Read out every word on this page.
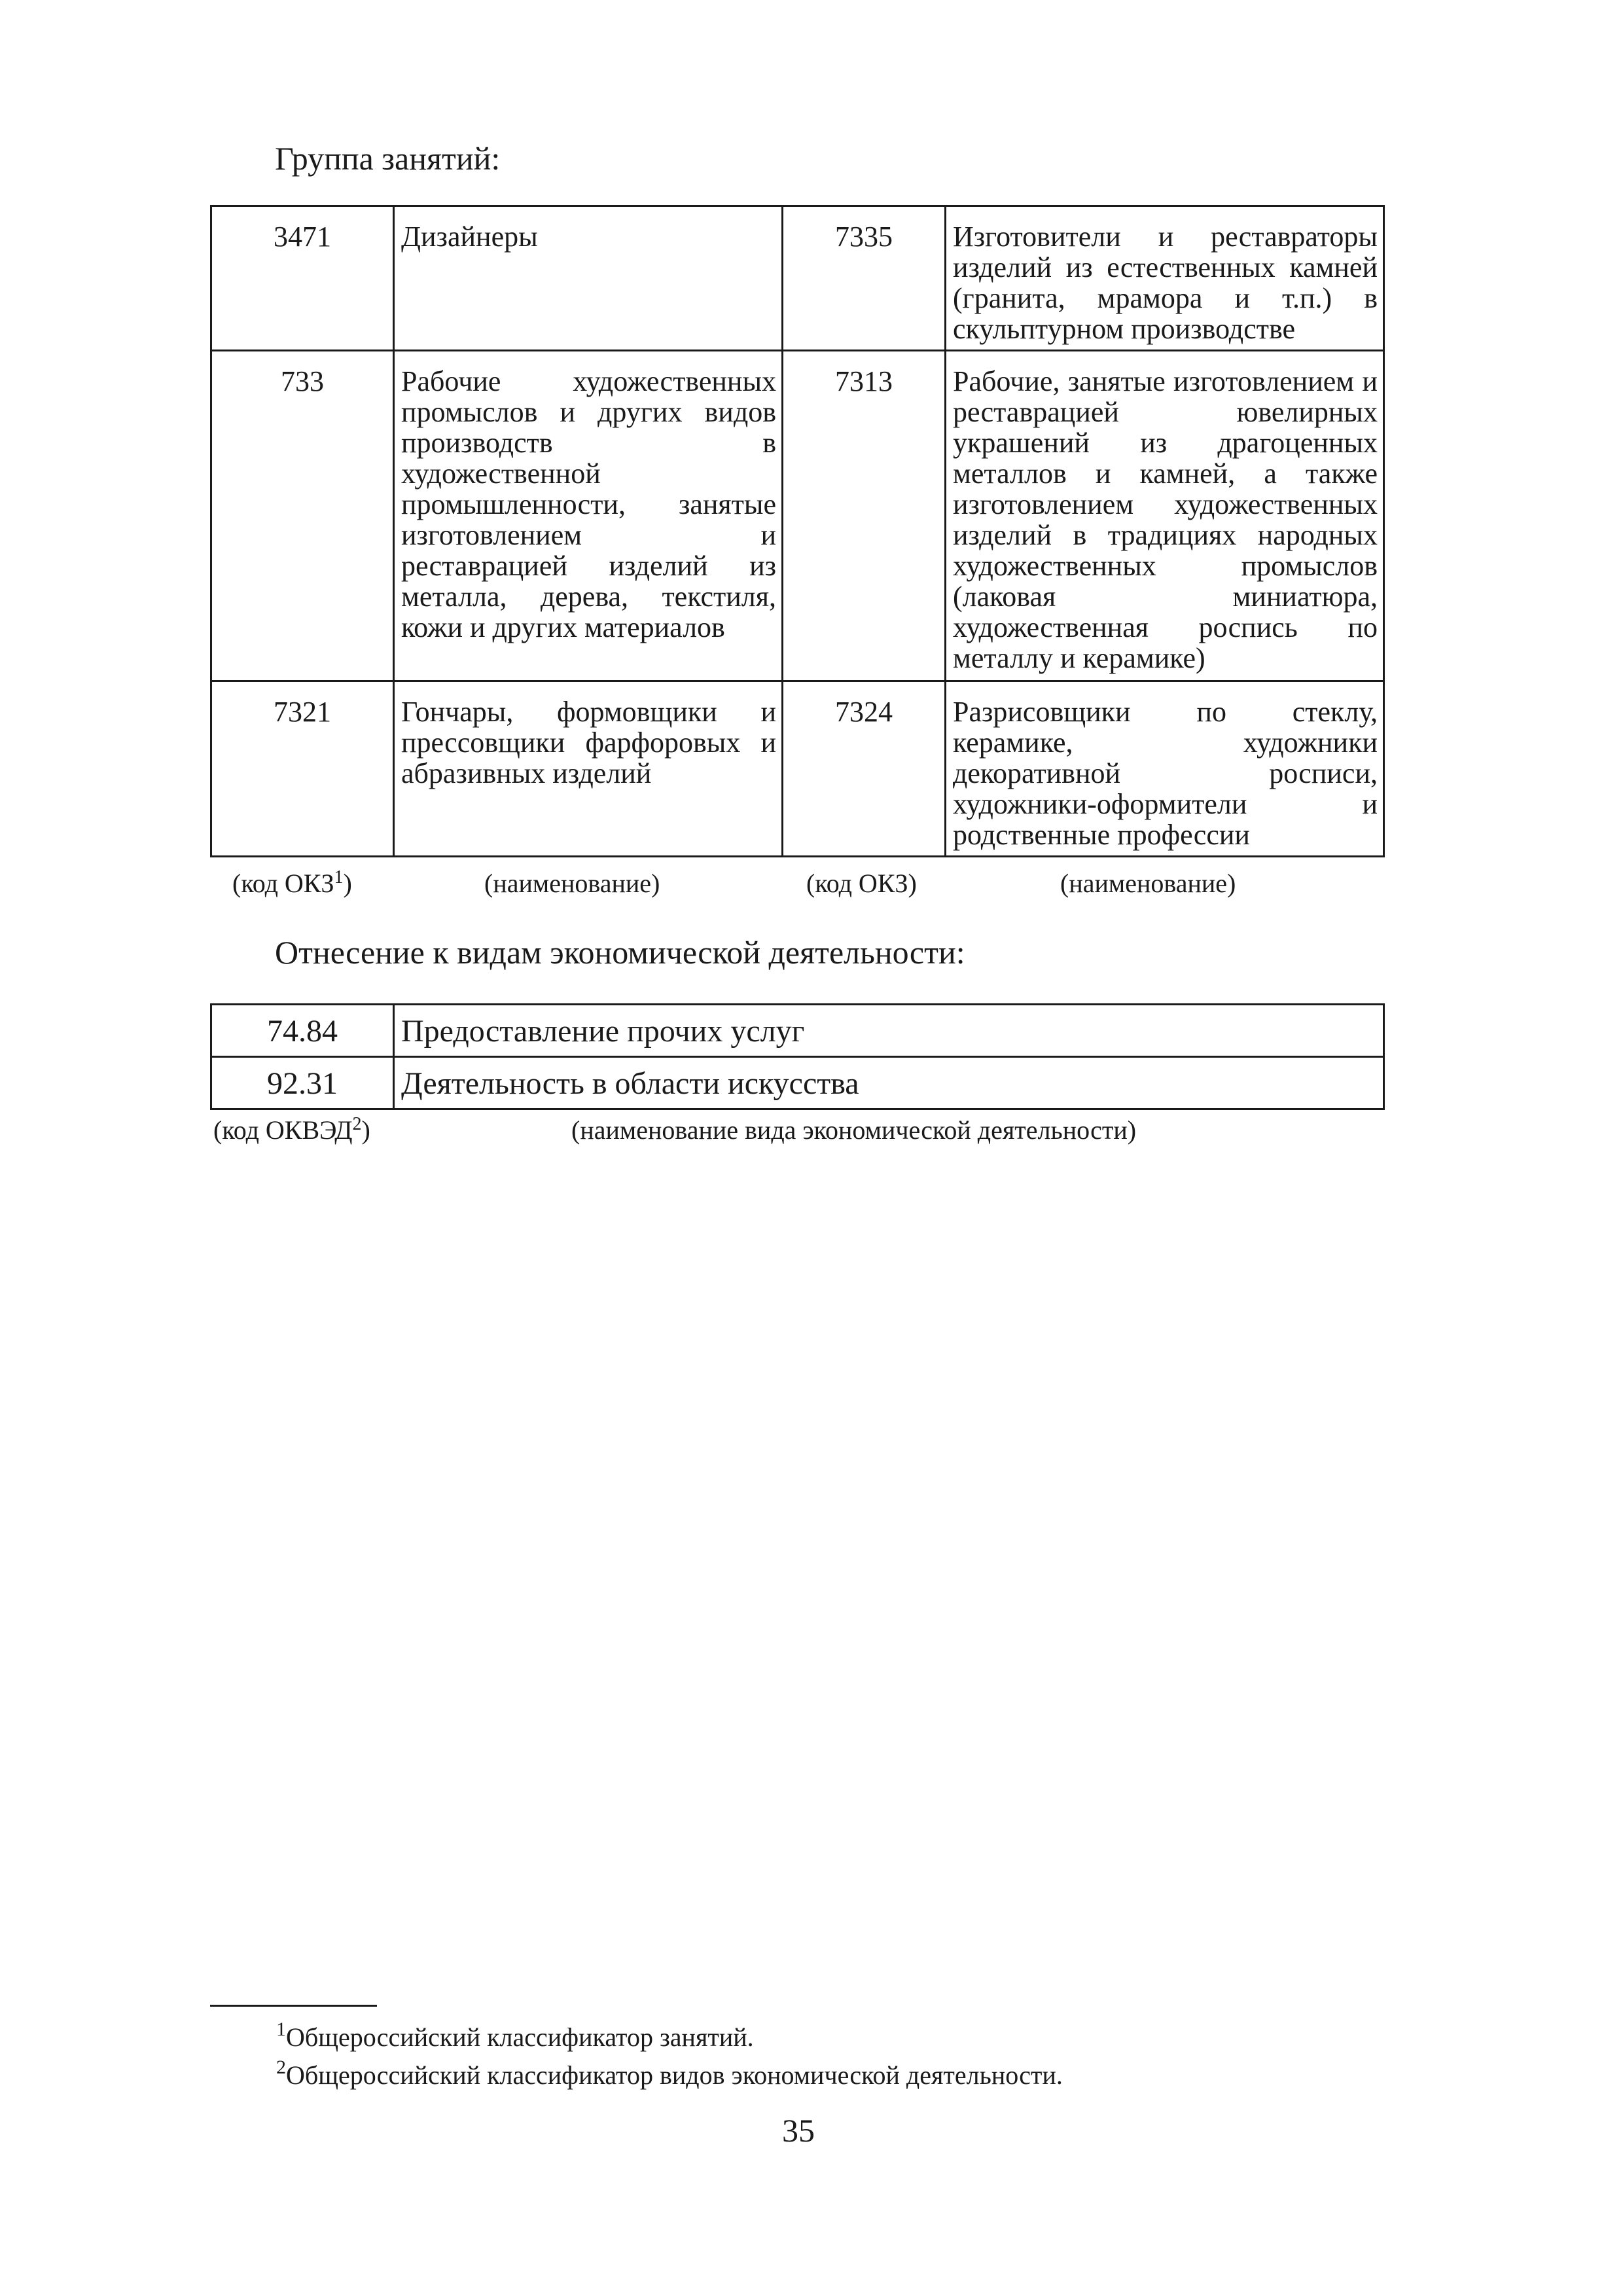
Группа занятий:
3471	Дизайнеры	7335	Изготовители и реставраторы изделий из естественных камней (гранита, мрамора и т.п.) в скульптурном производстве
733	Рабочие художественных промыслов и других видов производств в художественной промышленности, занятые изготовлением и реставрацией изделий из металла, дерева, текстиля, кожи и других материалов	7313	Рабочие, занятые изготовлением и реставрацией ювелирных украшений из драгоценных металлов и камней, а также изготовлением художественных изделий в традициях народных художественных промыслов (лаковая миниатюра, художественная роспись по металлу и керамике)
7321	Гончары, формовщики и прессовщики фарфоровых и абразивных изделий	7324	Разрисовщики по стеклу, керамике, художники декоративной росписи, художники-оформители и родственные профессии
(код ОКЗ$^1$)	(наименование)	(код ОКЗ)	(наименование)
Отнесение к видам экономической деятельности:
74.84	Предоставление прочих услуг
92.31	Деятельность в области искусства
(код ОКВЭД$^2$)	(наименование вида экономической деятельности)
$^1$Общероссийский классификатор занятий.
$^2$Общероссийский классификатор видов экономической деятельности.
35
